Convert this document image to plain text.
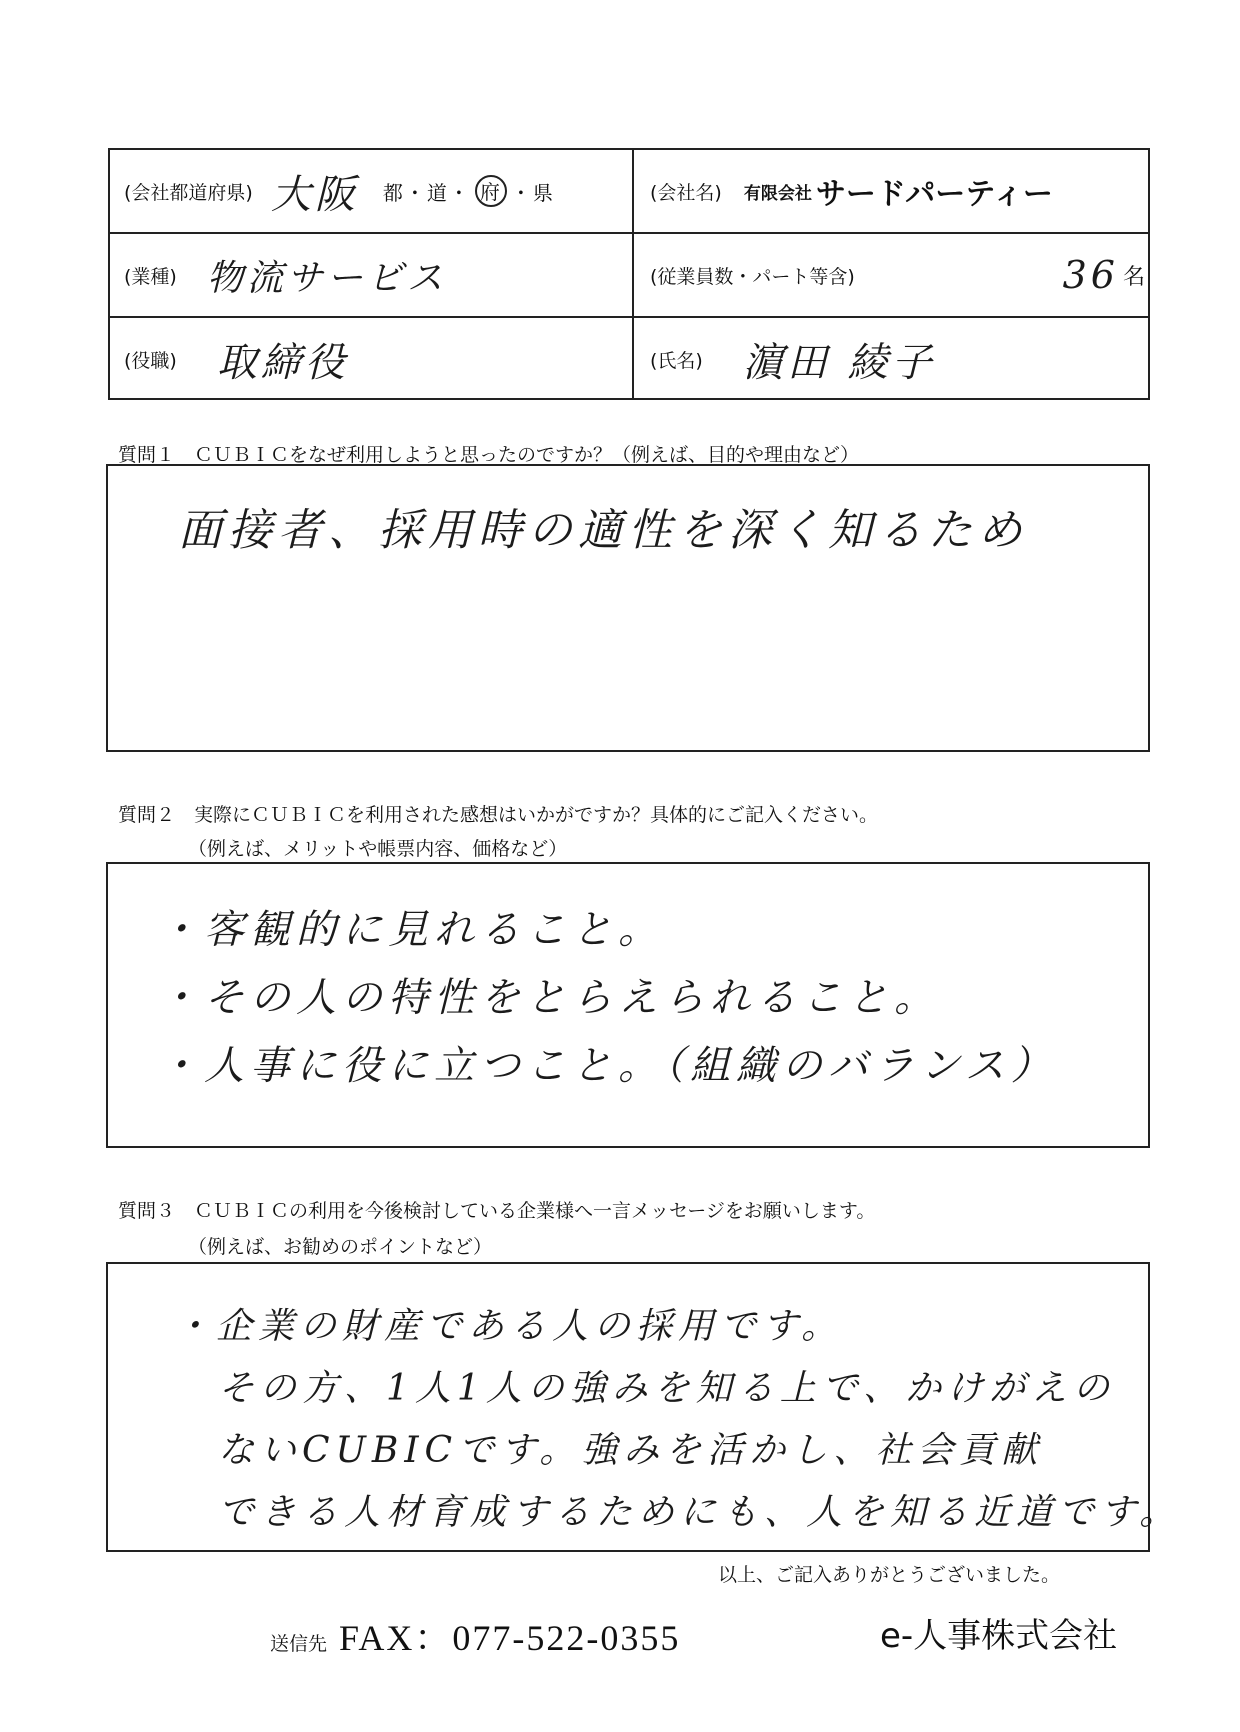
(会社都道府県) 大阪 都・道・ 府 ・県	(会社名) 有限会社 サードパーティー
(業種) 物流サービス	(従業員数・パート等含)	36 名
(役職) 取締役	(氏名) 濵田 綾子
質問１　ＣＵＢＩＣをなぜ利用しようと思ったのですか？（例えば、目的や理由など）
面接者、採用時の適性を深く知るため
質問２　実際にＣＵＢＩＣを利用された感想はいかがですか？具体的にご記入ください。
（例えば、メリットや帳票内容、価格など）
・客観的に見れること。
・その人の特性をとらえられること。
・人事に役に立つこと。（組織のバランス）
質問３　ＣＵＢＩＣの利用を今後検討している企業様へ一言メッセージをお願いします。
（例えば、お勧めのポイントなど）
・企業の財産である人の採用です。
その方、1人1人の強みを知る上で、かけがえの
ないCUBICです。強みを活かし、社会貢献
できる人材育成するためにも、人を知る近道です。
以上、ご記入ありがとうございました。
送信先 FAX：077-522-0355	e-人事株式会社
